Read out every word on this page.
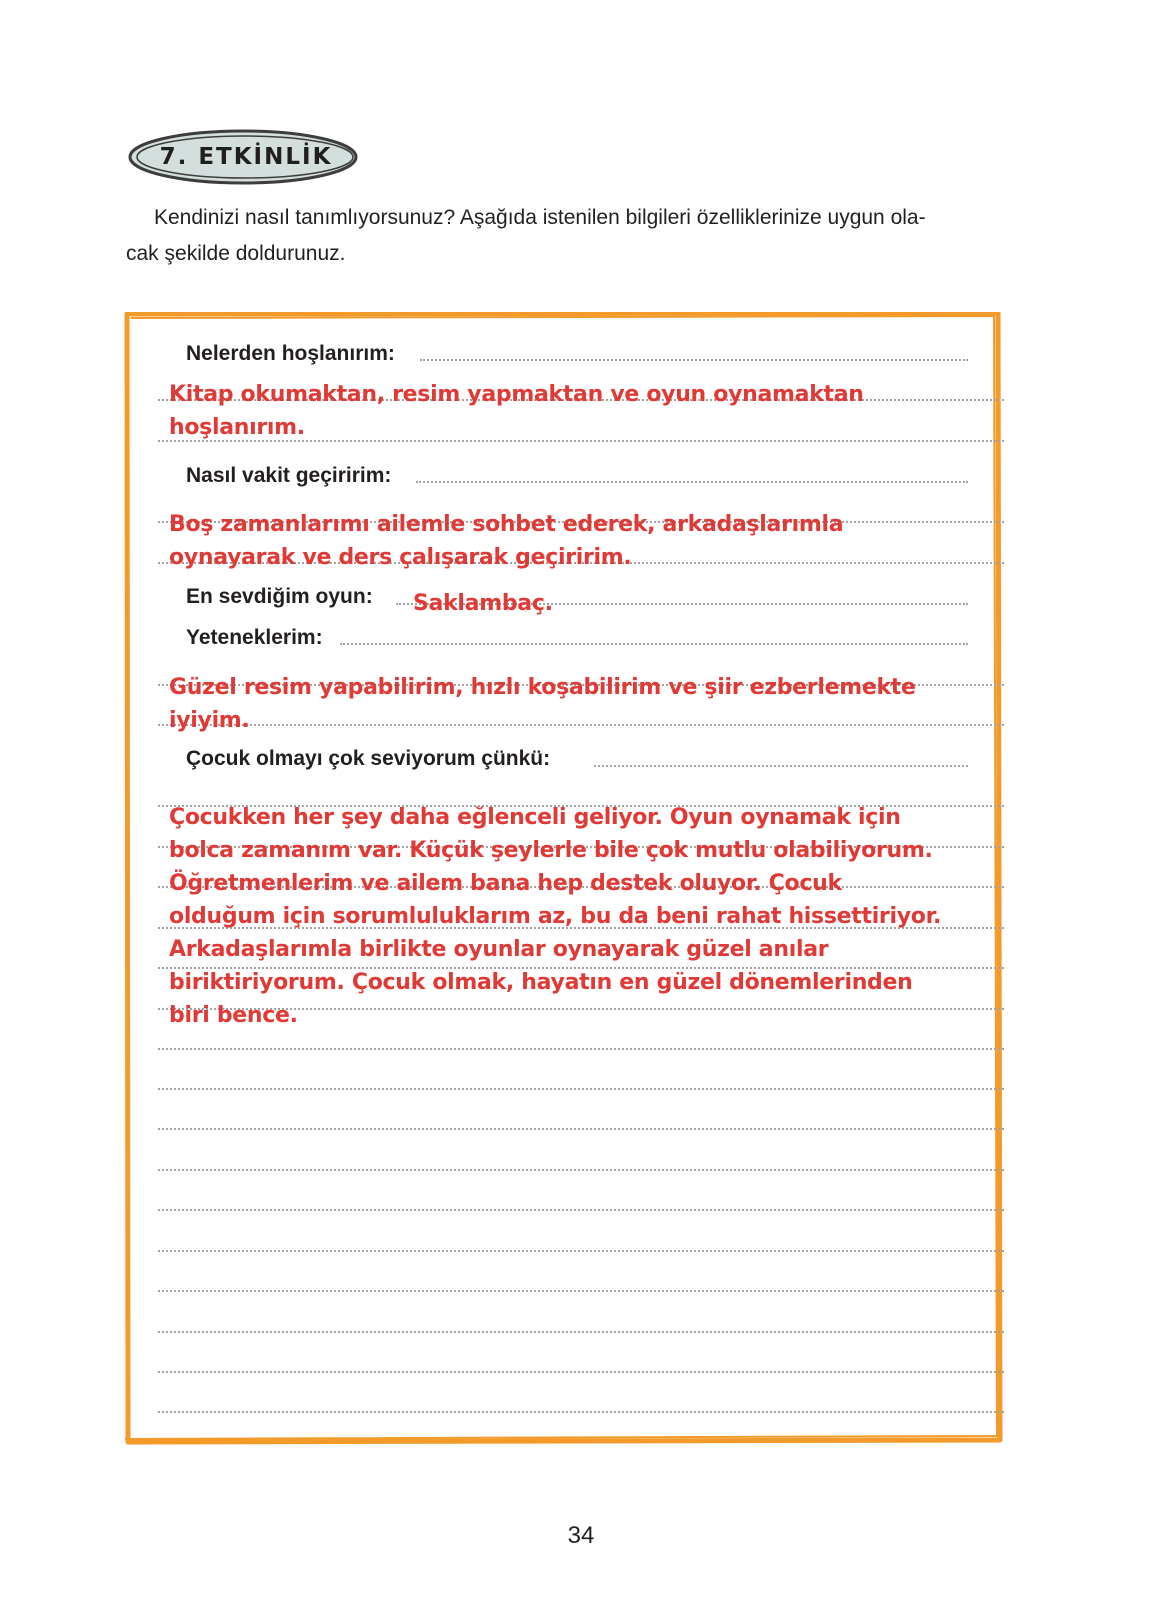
7. ETKİNLİK

Kendinizi nasıl tanımlıyorsunuz? Aşağıda istenilen bilgileri özelliklerinize uygun ola-
cak şekilde doldurunuz.

Nelerden hoşlanırım:
Nasıl vakit geçiririm:
En sevdiğim oyun:
Yeteneklerim:
Çocuk olmayı çok seviyorum çünkü:

Kitap okumaktan, resim yapmaktan ve oyun oynamaktan
hoşlanırım.

Boş zamanlarımı ailemle sohbet ederek, arkadaşlarımla
oynayarak ve ders çalışarak geçiririm.

Saklambaç.

Güzel resim yapabilirim, hızlı koşabilirim ve şiir ezberlemekte
iyiyim.

Çocukken her şey daha eğlenceli geliyor. Oyun oynamak için
bolca zamanım var. Küçük şeylerle bile çok mutlu olabiliyorum.
Öğretmenlerim ve ailem bana hep destek oluyor. Çocuk
olduğum için sorumluluklarım az, bu da beni rahat hissettiriyor.
Arkadaşlarımla birlikte oyunlar oynayarak güzel anılar
biriktiriyorum. Çocuk olmak, hayatın en güzel dönemlerinden
biri bence.

34
